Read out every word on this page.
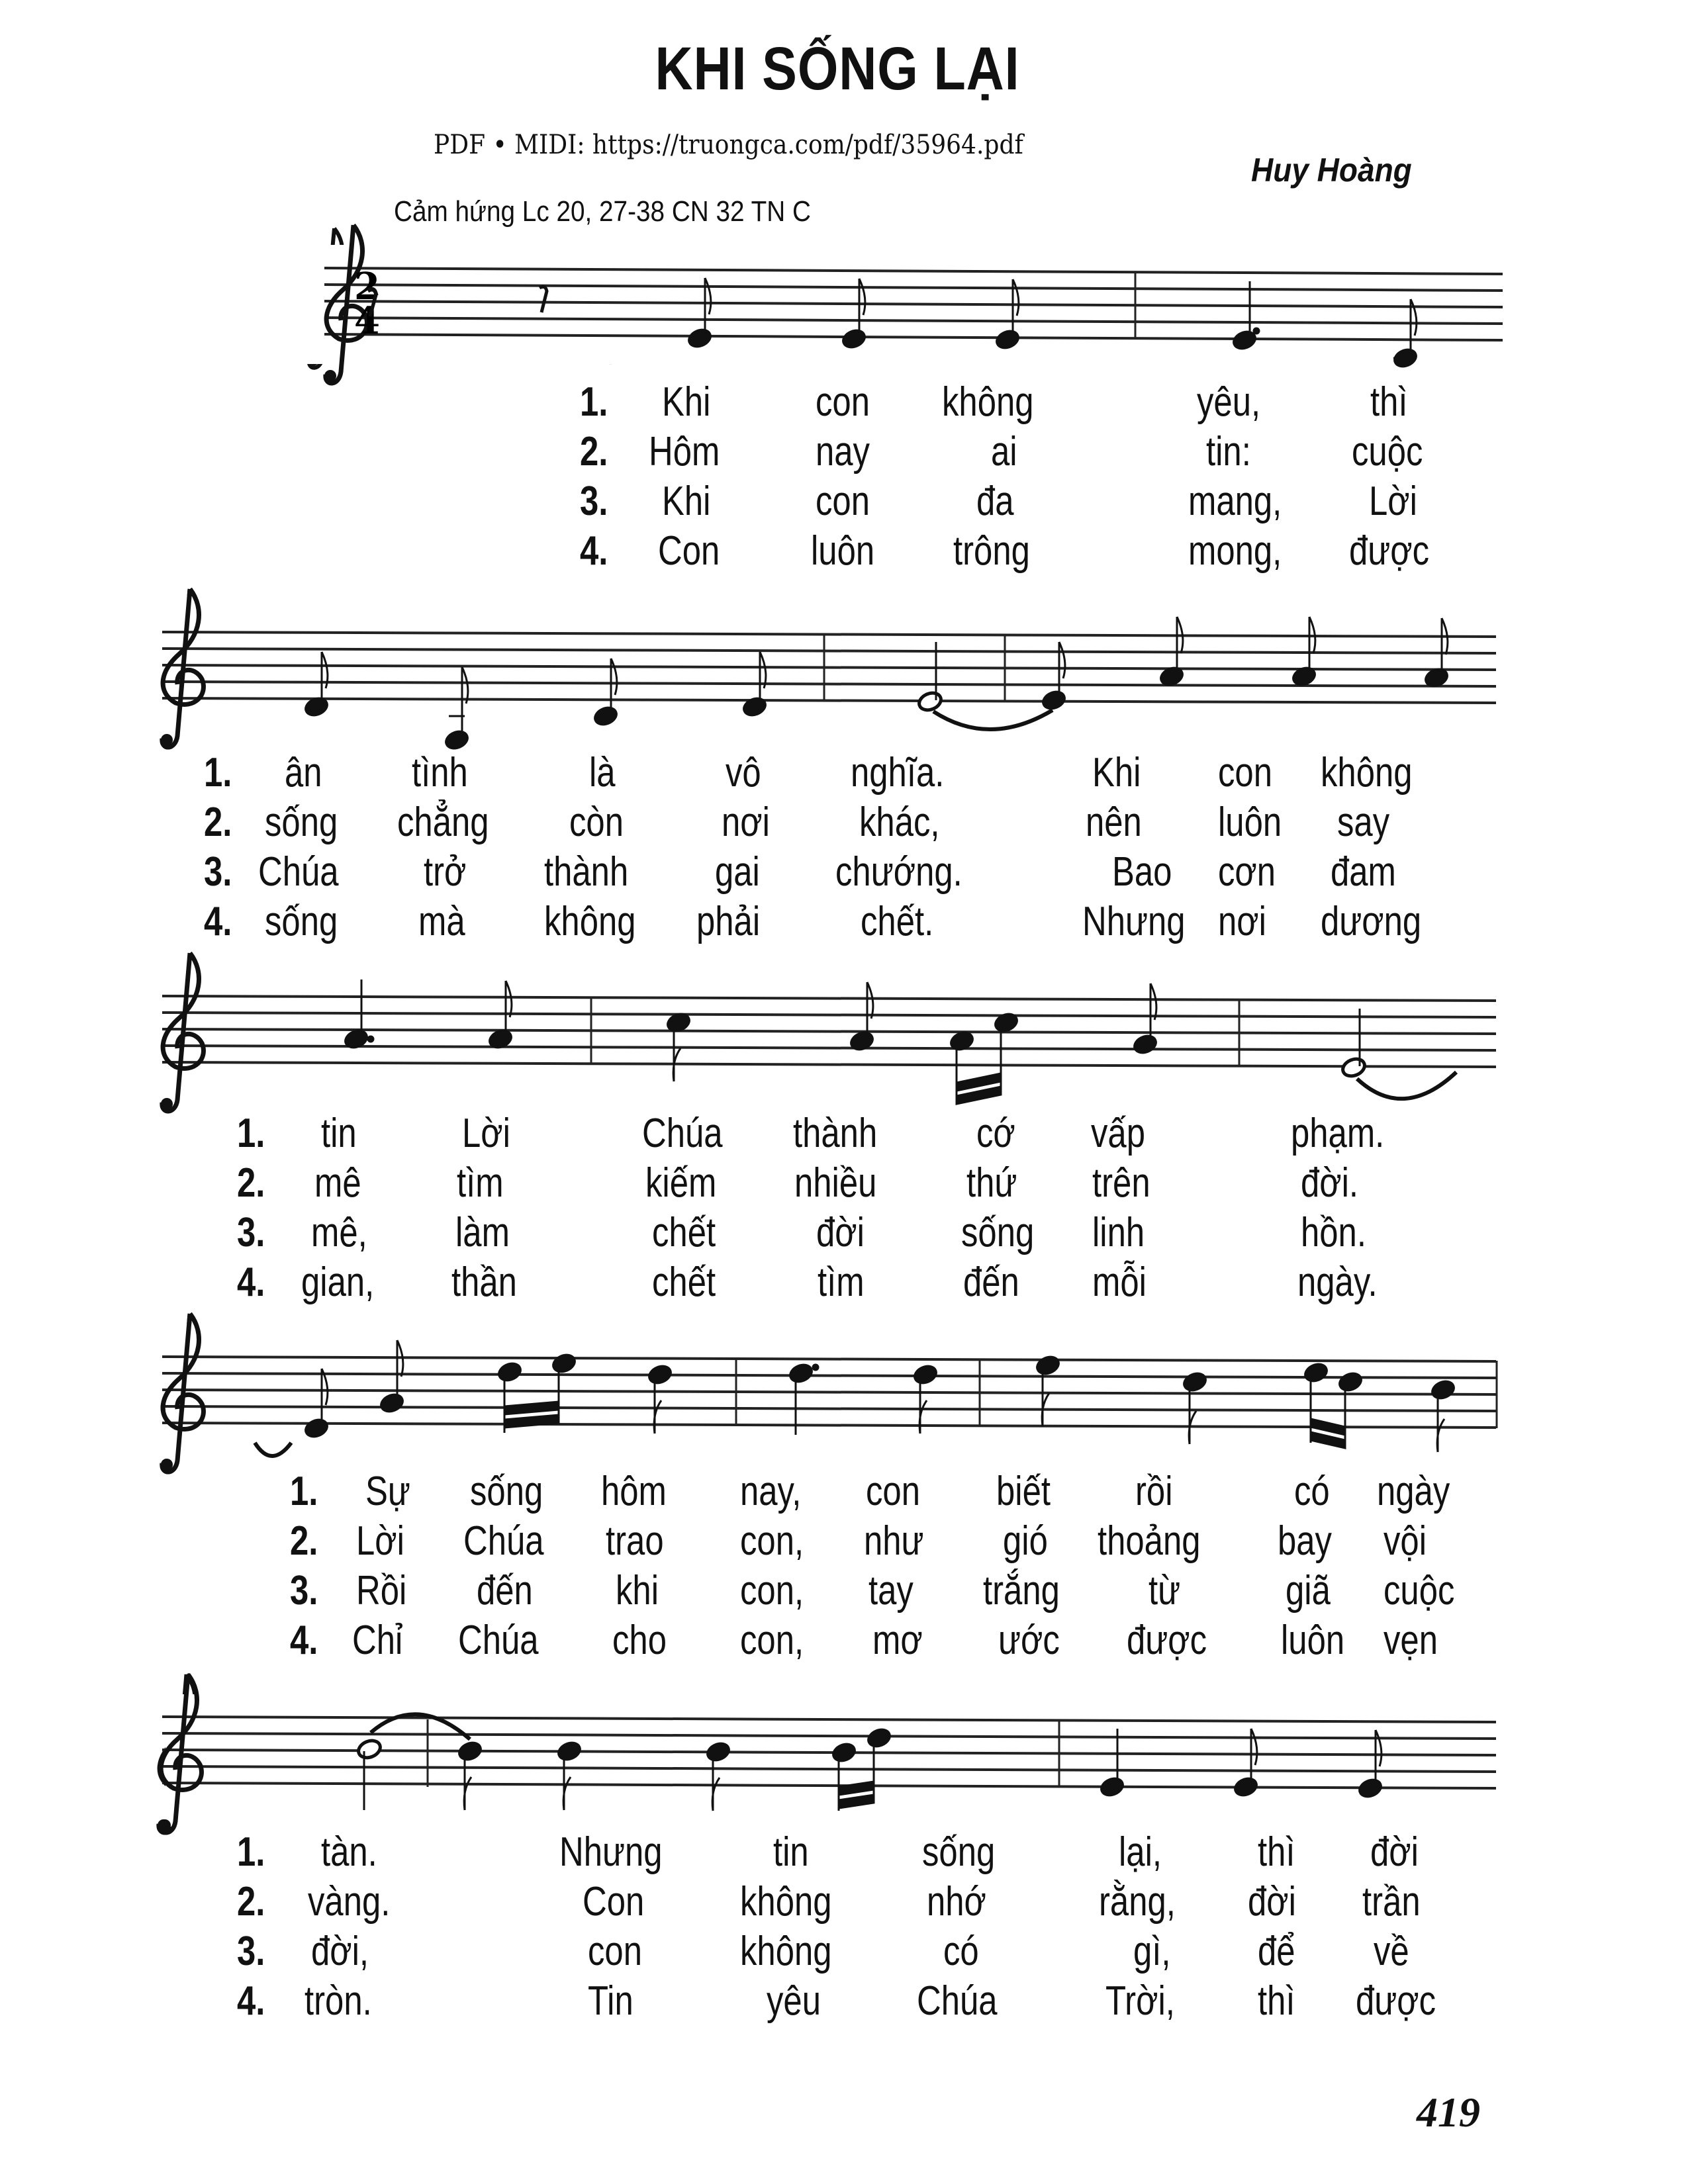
KHI SỐNG LẠI
PDF • MIDI: https://truongca.com/pdf/35964.pdf
Huy Hoàng
Cảm hứng Lc 20, 27-38 CN 32 TN C
2
4
1. Khi	con không	yêu,	thì
2. Hôm nay	ai	tin: cuộc
3. Khi	con	đa	mang, Lời
4. Con luôn trông	mong, được
1. ân tình	là	vô nghĩa.	Khi con không
2. sống chẳng còn nơi khác,	nên luôn say
3. Chúa trở thành gai chướng.	Bao cơn đam
4. sống mà không phải chết.	Nhưng nơi dương
1. tin	Lời	Chúa thành cớ vấp	phạm.
2. mê tìm	kiếm nhiều thứ trên	đời.
3. mê, làm	chết đời sống linh	hồn.
4. gian, thần	chết tìm đến mỗi	ngày.
1. Sự sống hôm nay, con biết rồi	có ngày
2. Lời Chúa trao con, như gió thoảng bay vội
3. Rồi đến khi con, tay trắng từ	giã cuộc
4. Chỉ Chúa cho con, mơ ước được luôn vẹn
1. tàn.	Nhưng	tin	sống	lại, thì đời
2. vàng.	Con không nhớ	rằng, đời trần
3. đời,	con không	có	gì, để về
4. tròn.	Tin	yêu Chúa	Trời, thì được
419
